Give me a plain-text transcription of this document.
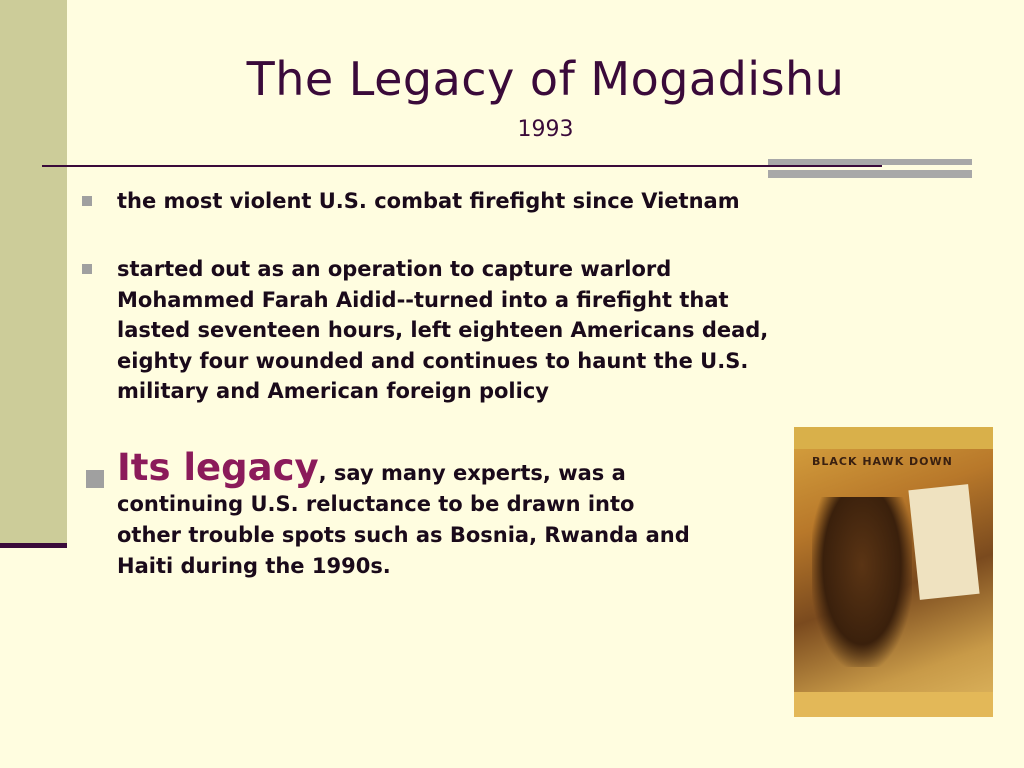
The Legacy of Mogadishu
1993
the most violent U.S. combat firefight since Vietnam
started out as an operation to capture warlord Mohammed Farah Aidid--turned into a firefight that lasted seventeen hours, left eighteen Americans dead, eighty four wounded and continues to haunt the U.S. military and American foreign policy
Its legacy, say many experts, was a continuing U.S. reluctance to be drawn into other trouble spots such as Bosnia, Rwanda and Haiti during the 1990s.
BLACK HAWK DOWN
